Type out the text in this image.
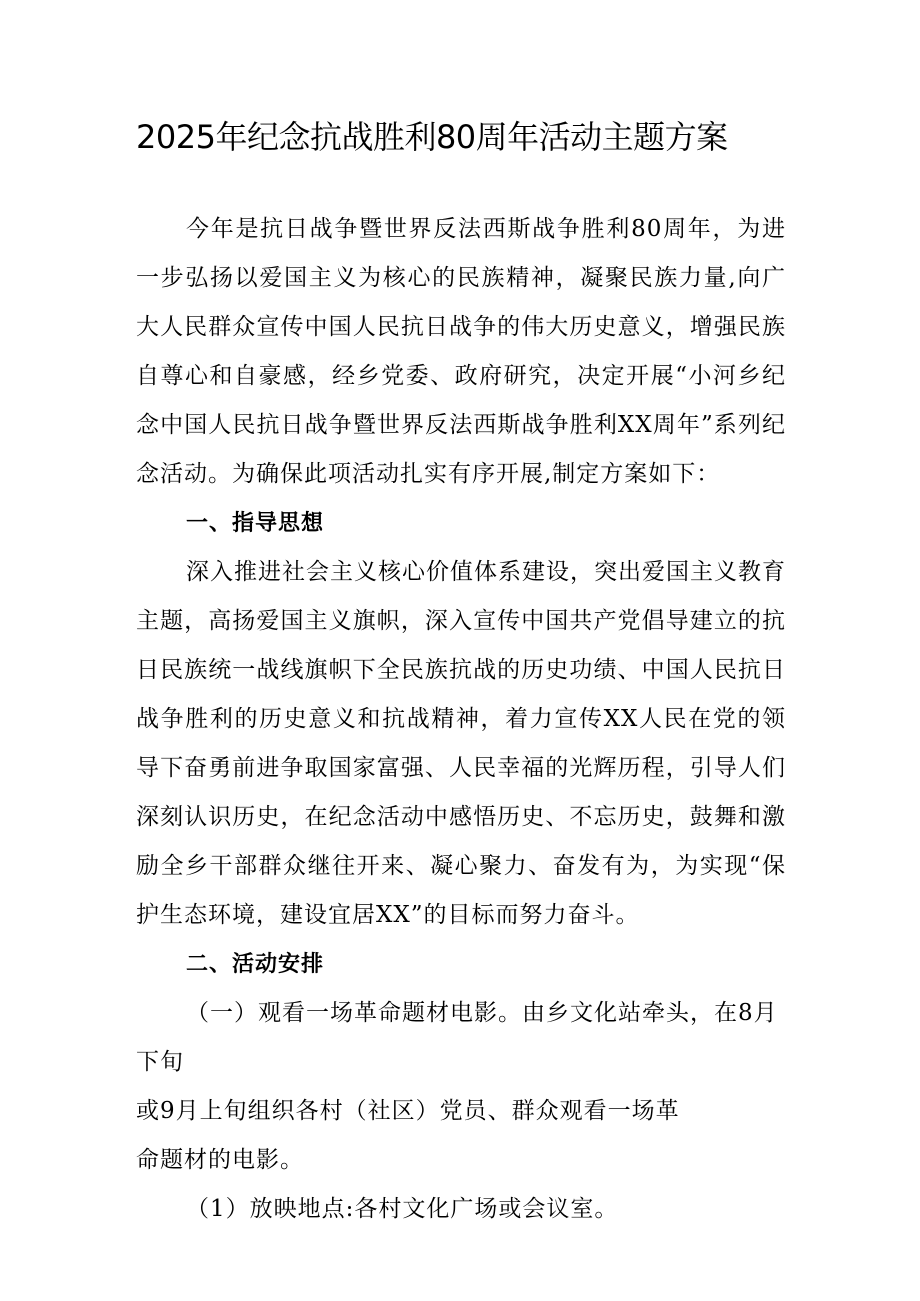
2025年纪念抗战胜利80周年活动主题方案

今年是抗日战争暨世界反法西斯战争胜利80周年，为进一步弘扬以爱国主义为核心的民族精神，凝聚民族力量,向广大人民群众宣传中国人民抗日战争的伟大历史意义，增强民族自尊心和自豪感，经乡党委、政府研究，决定开展“小河乡纪念中国人民抗日战争暨世界反法西斯战争胜利XX周年”系列纪念活动。为确保此项活动扎实有序开展,制定方案如下：

一、指导思想

深入推进社会主义核心价值体系建设，突出爱国主义教育主题，高扬爱国主义旗帜，深入宣传中国共产党倡导建立的抗日民族统一战线旗帜下全民族抗战的历史功绩、中国人民抗日战争胜利的历史意义和抗战精神，着力宣传XX人民在党的领导下奋勇前进争取国家富强、人民幸福的光辉历程，引导人们深刻认识历史，在纪念活动中感悟历史、不忘历史，鼓舞和激励全乡干部群众继往开来、凝心聚力、奋发有为，为实现“保护生态环境，建设宜居XX”的目标而努力奋斗。

二、活动安排

（一）观看一场革命题材电影。由乡文化站牵头，在8月下旬

或9月上旬组织各村（社区）党员、群众观看一场革

命题材的电影。

（1）放映地点:各村文化广场或会议室。
